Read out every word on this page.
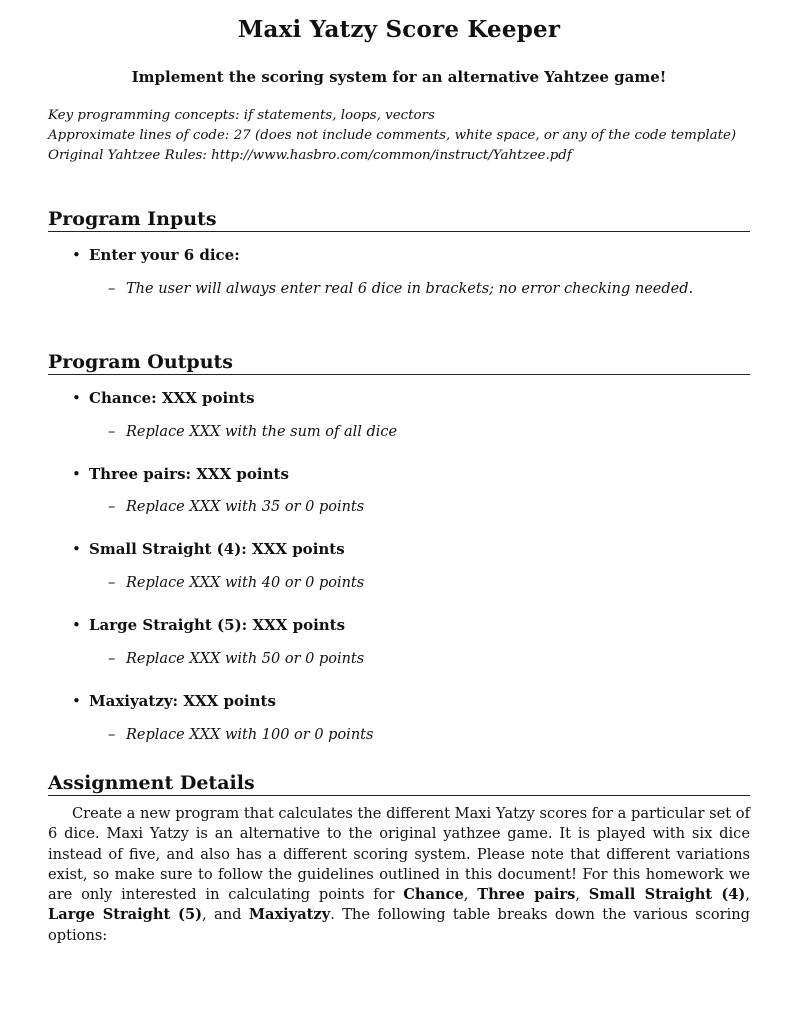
Maxi Yatzy Score Keeper
Implement the scoring system for an alternative Yahtzee game!
Key programming concepts: if statements, loops, vectors
Approximate lines of code: 27 (does not include comments, white space, or any of the code template)
Original Yahtzee Rules: http://www.hasbro.com/common/instruct/Yahtzee.pdf
Program Inputs
• Enter your 6 dice:
– The user will always enter real 6 dice in brackets; no error checking needed.
Program Outputs
• Chance: XXX points
– Replace XXX with the sum of all dice
• Three pairs: XXX points
– Replace XXX with 35 or 0 points
• Small Straight (4): XXX points
– Replace XXX with 40 or 0 points
• Large Straight (5): XXX points
– Replace XXX with 50 or 0 points
• Maxiyatzy: XXX points
– Replace XXX with 100 or 0 points
Assignment Details
Create a new program that calculates the different Maxi Yatzy scores for a particular set of 6 dice. Maxi Yatzy is an alternative to the original yathzee game. It is played with six dice instead of five, and also has a different scoring system. Please note that different variations exist, so make sure to follow the guidelines outlined in this document! For this homework we are only interested in calculating points for Chance, Three pairs, Small Straight (4), Large Straight (5), and Maxiyatzy. The following table breaks down the various scoring options:
